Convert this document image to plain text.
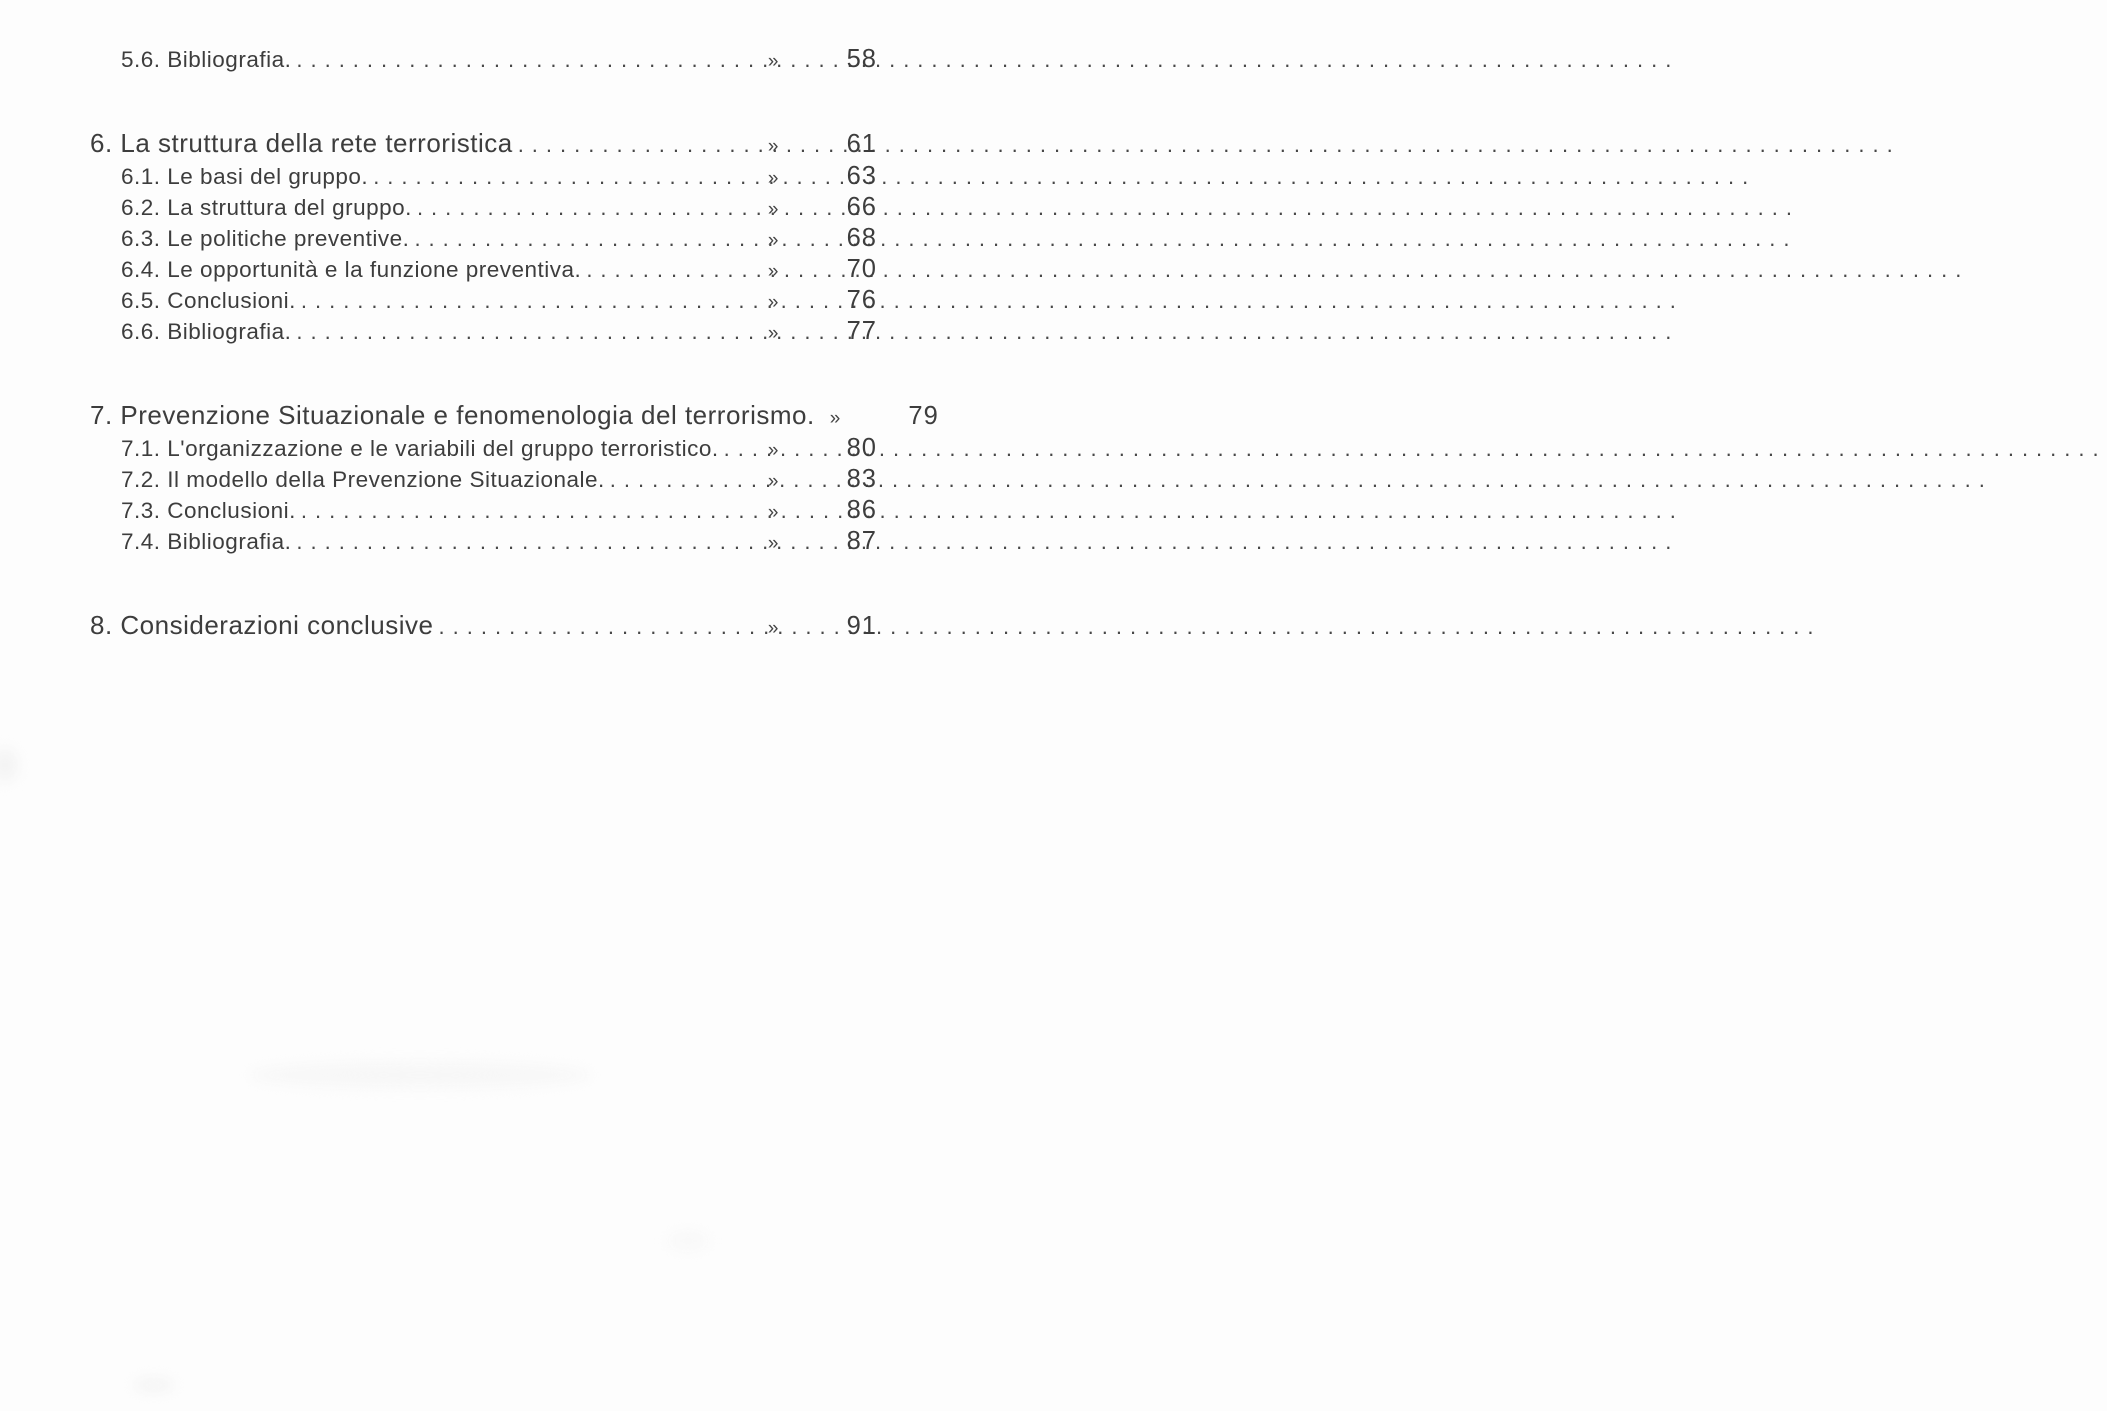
5.6. Bibliografia. .....	»	58
6. La struttura della rete terroristica .....	»	61
6.1. Le basi del gruppo. .....	»	63
6.2. La struttura del gruppo. .....	»	66
6.3. Le politiche preventive. .....	»	68
6.4. Le opportunità e la funzione preventiva. .....	»	70
6.5. Conclusioni. .....	»	76
6.6. Bibliografia. .....	»	77
7. Prevenzione Situazionale e fenomenologia del terrorismo. »	79
7.1. L'organizzazione e le variabili del gruppo terroristico. .....	»	80
7.2. Il modello della Prevenzione Situazionale. .....	»	83
7.3. Conclusioni. .....	»	86
7.4. Bibliografia. .....	»	87
8. Considerazioni conclusive .....	»	91
